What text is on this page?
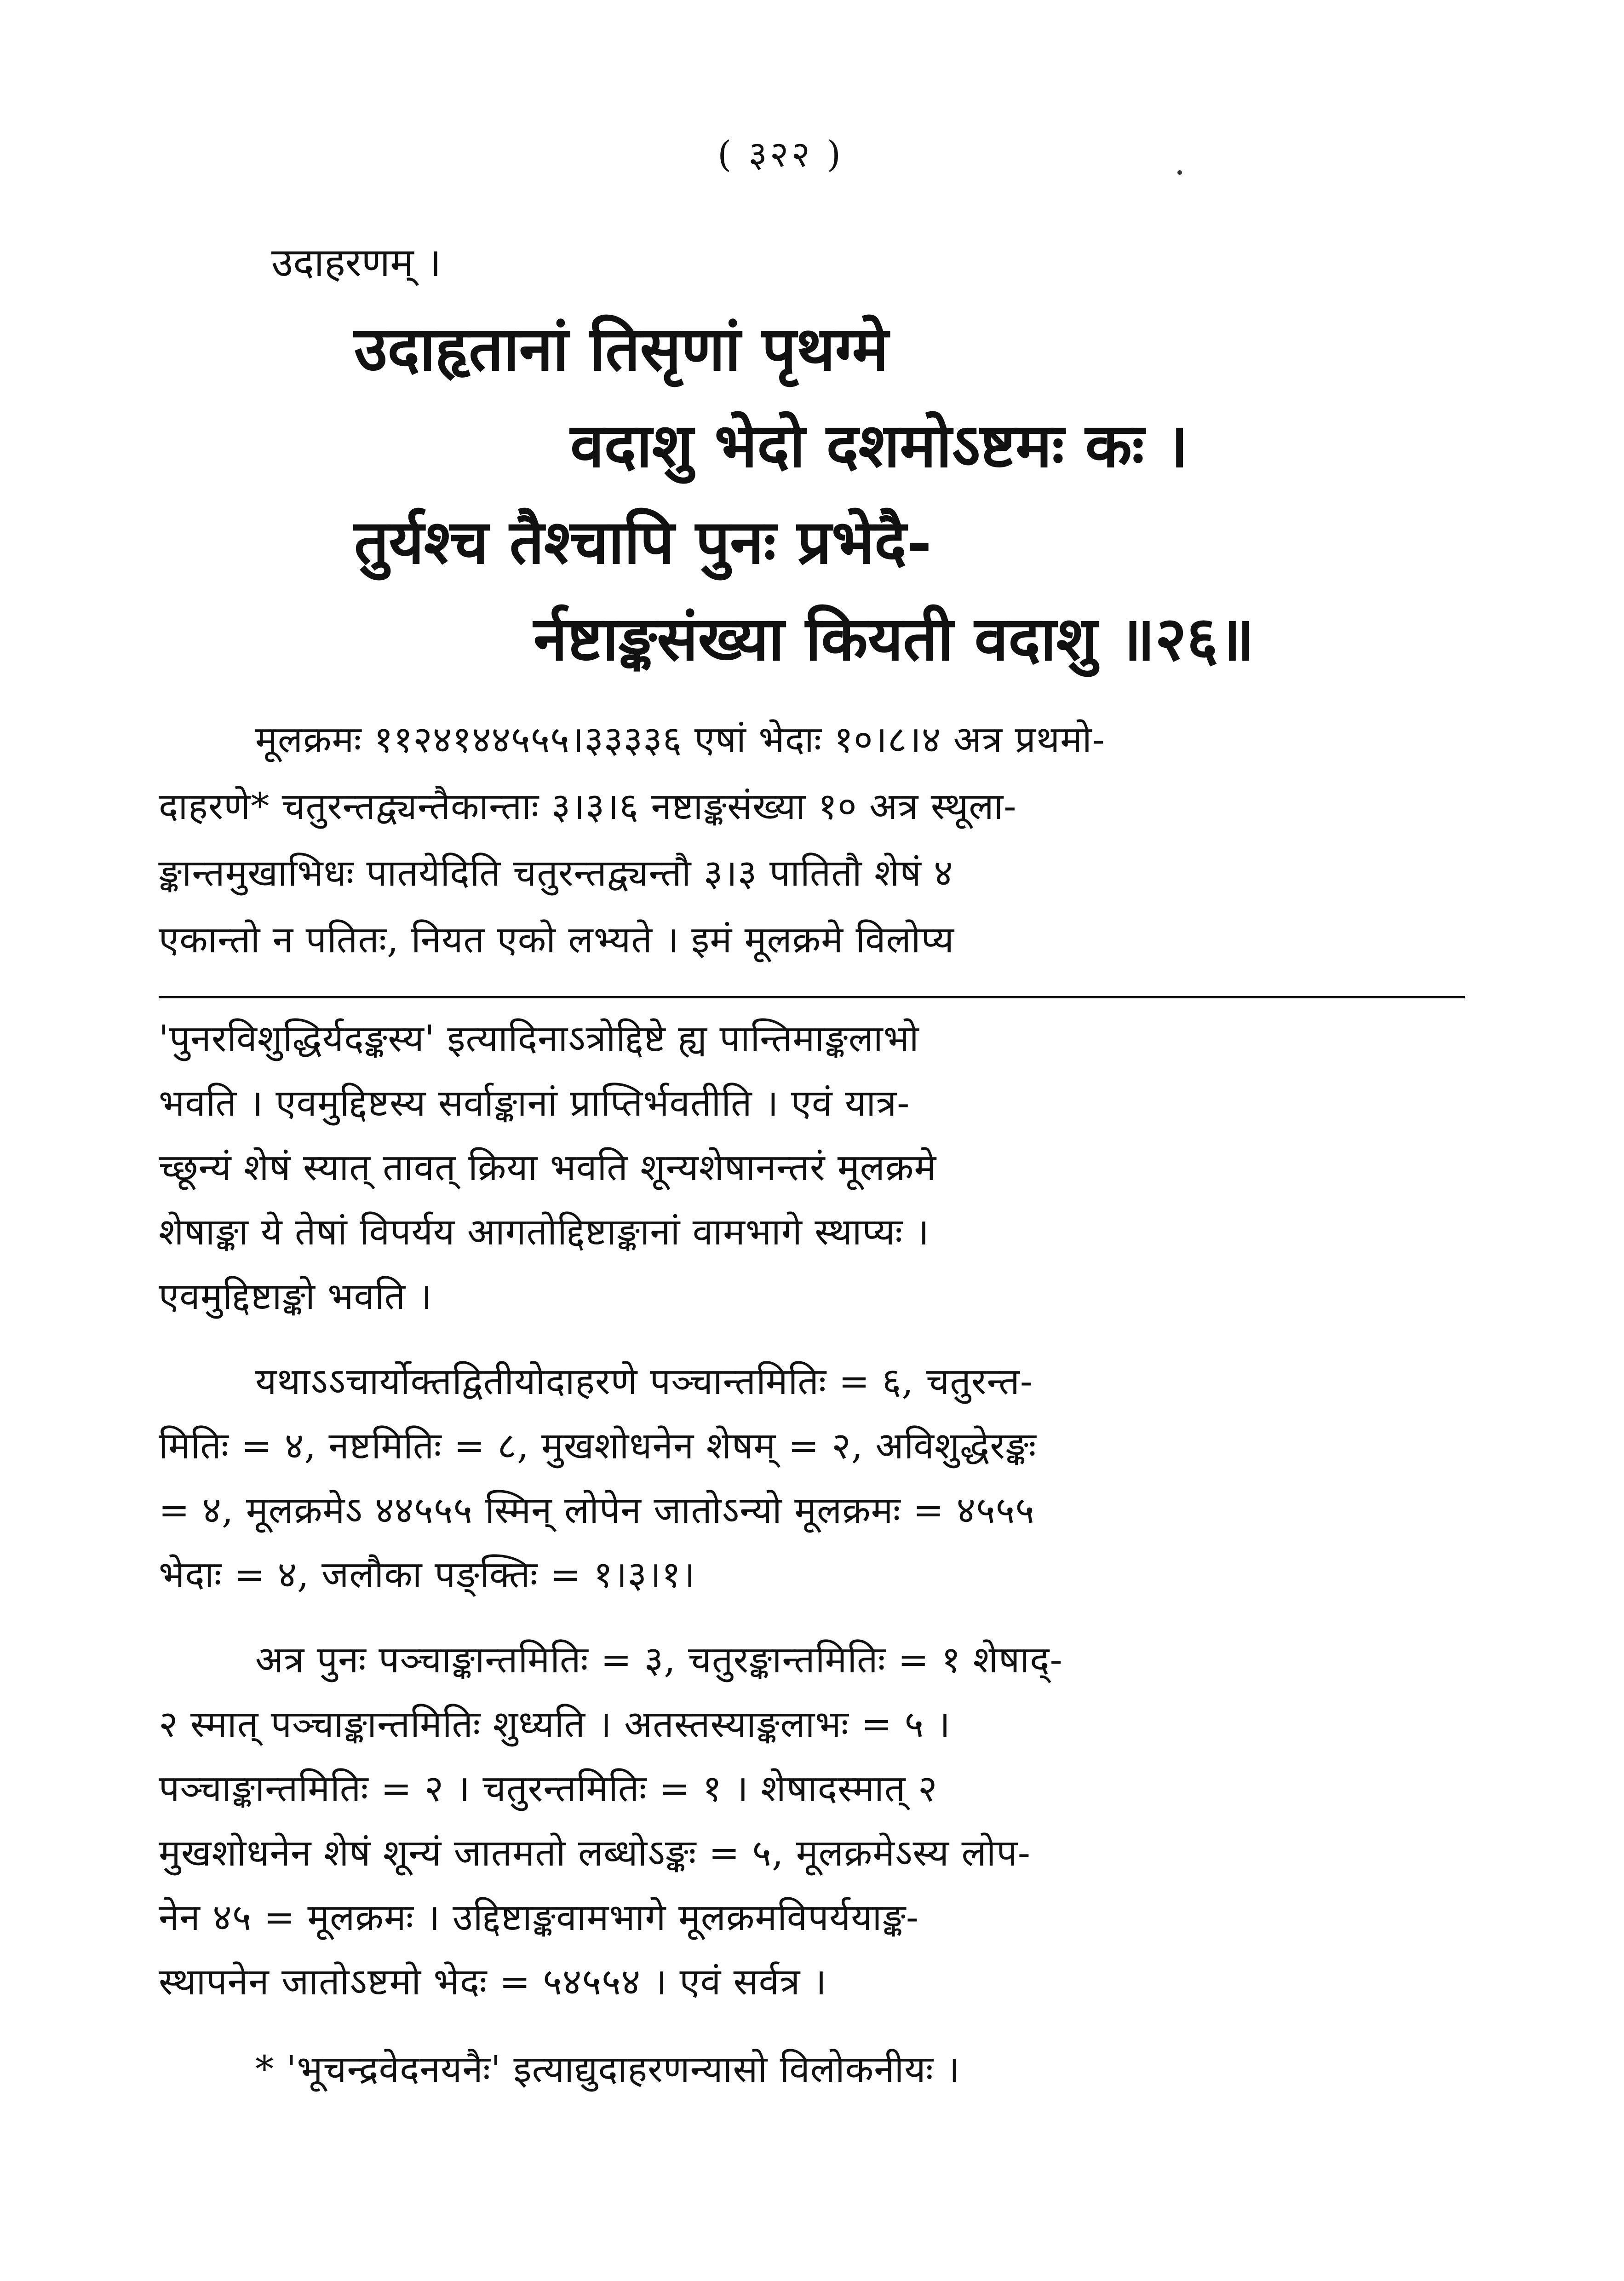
( ३२२ )
उदाहरणम् ।
उदाहृतानां तिसृणां पृथग्मे
वदाशु भेदो दशमोऽष्टमः कः ।
तुर्यश्च तैश्चापि पुनः प्रभेदै-
र्नष्टाङ्कसंख्या कियती वदाशु ॥२६॥
मूलक्रमः ११२४१४४५५५।३३३३६ एषां भेदाः १०।८।४ अत्र प्रथमो-
दाहरणे* चतुरन्तद्व्यन्तैकान्ताः ३।३।६ नष्टाङ्कसंख्या १० अत्र स्थूला-
ङ्कान्तमुखाभिधः पातयेदिति चतुरन्तद्व्यन्तौ ३।३ पातितौ शेषं ४
एकान्तो न पतितः, नियत एको लभ्यते । इमं मूलक्रमे विलोप्य
'पुनरविशुद्धिर्यदङ्कस्य' इत्यादिनाऽत्रोद्दिष्टे ह्य पान्तिमाङ्कलाभो
भवति । एवमुद्दिष्टस्य सर्वाङ्कानां प्राप्तिर्भवतीति । एवं यात्र-
च्छून्यं शेषं स्यात् तावत् क्रिया भवति शून्यशेषानन्तरं मूलक्रमे
शेषाङ्का ये तेषां विपर्यय आगतोद्दिष्टाङ्कानां वामभागे स्थाप्यः ।
एवमुद्दिष्टाङ्को भवति ।
यथाऽऽचार्योक्तद्वितीयोदाहरणे पञ्चान्तमितिः = ६, चतुरन्त-
मितिः = ४, नष्टमितिः = ८, मुखशोधनेन शेषम् = २, अविशुद्धेरङ्कः
= ४, मूलक्रमेऽ ४४५५५ स्मिन् लोपेन जातोऽन्यो मूलक्रमः = ४५५५
भेदाः = ४, जलौका पङ्क्तिः = १।३।१।
अत्र पुनः पञ्चाङ्कान्तमितिः = ३, चतुरङ्कान्तमितिः = १ शेषाद्-
२ स्मात् पञ्चाङ्कान्तमितिः शुध्यति । अतस्तस्याङ्कलाभः = ५ ।
पञ्चाङ्कान्तमितिः = २ । चतुरन्तमितिः = १ । शेषादस्मात् २
मुखशोधनेन शेषं शून्यं जातमतो लब्धोऽङ्कः = ५, मूलक्रमेऽस्य लोप-
नेन ४५ = मूलक्रमः । उद्दिष्टाङ्कवामभागे मूलक्रमविपर्ययाङ्क-
स्थापनेन जातोऽष्टमो भेदः = ५४५५४ । एवं सर्वत्र ।
* 'भूचन्द्रवेदनयनैः' इत्याद्युदाहरणन्यासो विलोकनीयः ।
